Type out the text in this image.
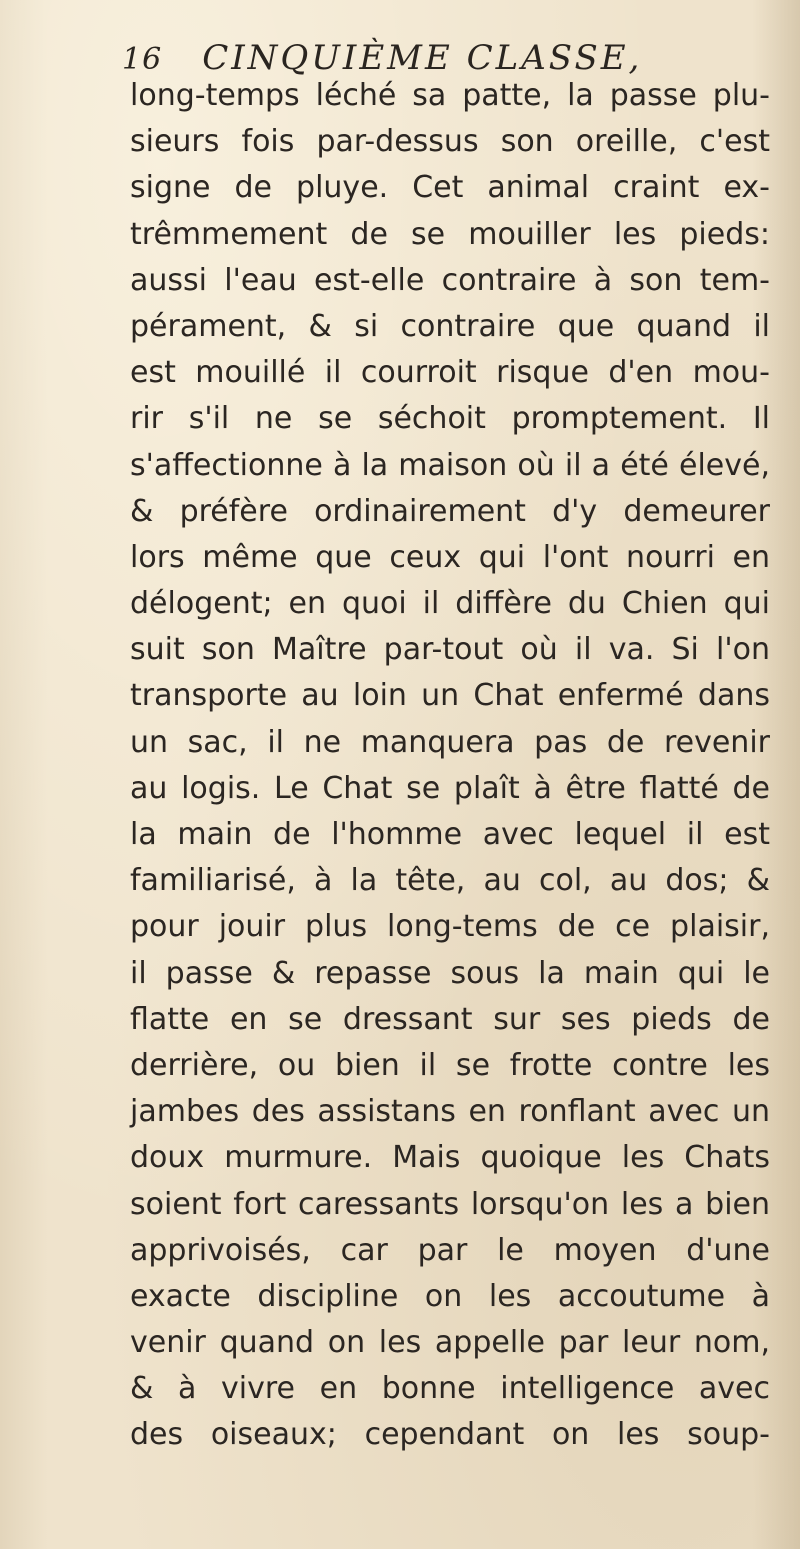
16 CINQUIÈME CLASSE,
long-temps léché sa patte, la passe plu-
sieurs fois par-dessus son oreille, c'est
signe de pluye. Cet animal craint ex-
trêmmement de se mouiller les pieds:
aussi l'eau est-elle contraire à son tem-
pérament, & si contraire que quand il
est mouillé il courroit risque d'en mou-
rir s'il ne se séchoit promptement. Il
s'affectionne à la maison où il a été élevé,
& préfère ordinairement d'y demeurer
lors même que ceux qui l'ont nourri en
délogent; en quoi il diffère du Chien qui
suit son Maître par-tout où il va. Si l'on
transporte au loin un Chat enfermé dans
un sac, il ne manquera pas de revenir
au logis. Le Chat se plaît à être flatté de
la main de l'homme avec lequel il est
familiarisé, à la tête, au col, au dos; &
pour jouir plus long-tems de ce plaisir,
il passe & repasse sous la main qui le
flatte en se dressant sur ses pieds de
derrière, ou bien il se frotte contre les
jambes des assistans en ronflant avec un
doux murmure. Mais quoique les Chats
soient fort caressants lorsqu'on les a bien
apprivoisés, car par le moyen d'une
exacte discipline on les accoutume à
venir quand on les appelle par leur nom,
& à vivre en bonne intelligence avec
des oiseaux; cependant on les soup-
